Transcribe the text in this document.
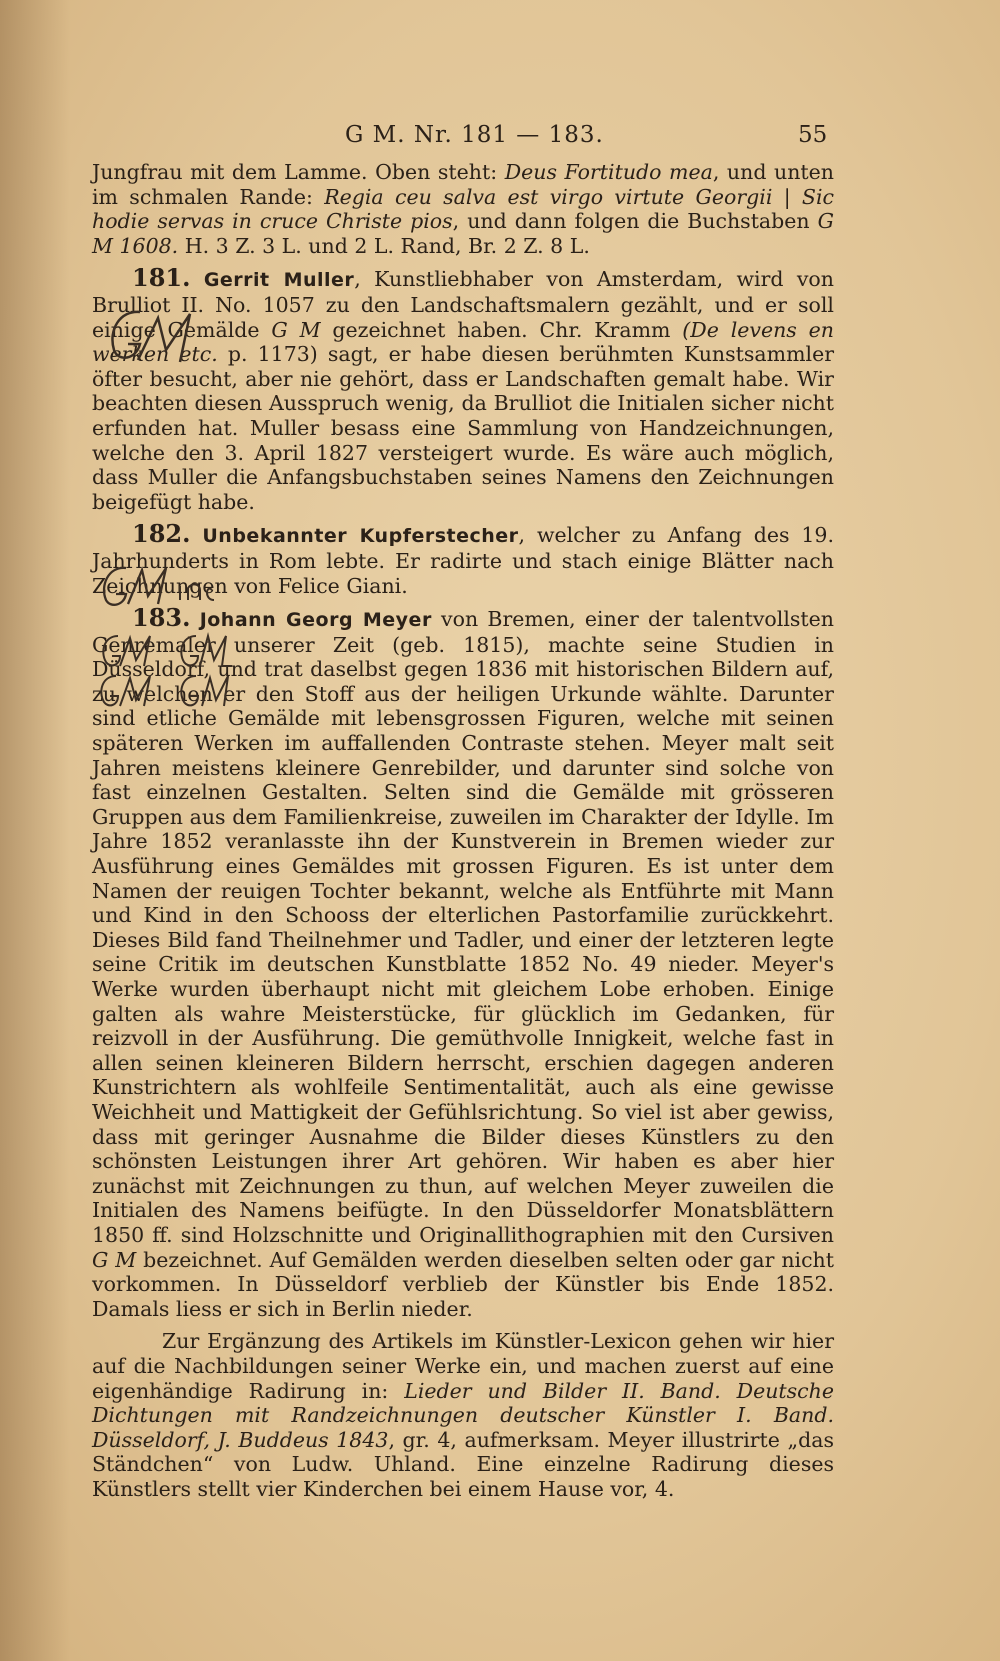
G M. Nr. 181 — 183.	55

Jungfrau mit dem Lamme. Oben steht: Deus Fortitudo mea, und unten im schmalen Rande: Regia ceu salva est virgo virtute Georgii | Sic hodie servas in cruce Christe pios, und dann folgen die Buchstaben G M 1608. H. 3 Z. 3 L. und 2 L. Rand, Br. 2 Z. 8 L.

181. Gerrit Muller, Kunstliebhaber von Amsterdam, wird von Brulliot II. No. 1057 zu den Landschaftsmalern gezählt, und er soll einige Gemälde G M gezeichnet haben. Chr. Kramm (De levens en werken etc. p. 1173) sagt, er habe diesen berühmten Kunstsammler öfter besucht, aber nie gehört, dass er Landschaften gemalt habe. Wir beachten diesen Ausspruch wenig, da Brulliot die Initialen sicher nicht erfunden hat. Muller besass eine Sammlung von Handzeichnungen, welche den 3. April 1827 versteigert wurde. Es wäre auch möglich, dass Muller die Anfangsbuchstaben seines Namens den Zeichnungen beigefügt habe.

182. Unbekannter Kupferstecher, welcher zu Anfang des 19. Jahrhunderts in Rom lebte. Er radirte und stach einige Blätter nach Zeichnungen von Felice Giani.

183. Johann Georg Meyer von Bremen, einer der talentvollsten Genremaler unserer Zeit (geb. 1815), machte seine Studien in Düsseldorf, und trat daselbst gegen 1836 mit historischen Bildern auf, zu welchen er den Stoff aus der heiligen Urkunde wählte. Darunter sind etliche Gemälde mit lebensgrossen Figuren, welche mit seinen späteren Werken im auffallenden Contraste stehen. Meyer malt seit Jahren meistens kleinere Genrebilder, und darunter sind solche von fast einzelnen Gestalten. Selten sind die Gemälde mit grösseren Gruppen aus dem Familienkreise, zuweilen im Charakter der Idylle. Im Jahre 1852 veranlasste ihn der Kunstverein in Bremen wieder zur Ausführung eines Gemäldes mit grossen Figuren. Es ist unter dem Namen der reuigen Tochter bekannt, welche als Entführte mit Mann und Kind in den Schooss der elterlichen Pastorfamilie zurückkehrt. Dieses Bild fand Theilnehmer und Tadler, und einer der letzteren legte seine Critik im deutschen Kunstblatte 1852 No. 49 nieder. Meyer's Werke wurden überhaupt nicht mit gleichem Lobe erhoben. Einige galten als wahre Meisterstücke, für glücklich im Gedanken, für reizvoll in der Ausführung. Die gemüthvolle Innigkeit, welche fast in allen seinen kleineren Bildern herrscht, erschien dagegen anderen Kunstrichtern als wohlfeile Sentimentalität, auch als eine gewisse Weichheit und Mattigkeit der Gefühlsrichtung. So viel ist aber gewiss, dass mit geringer Ausnahme die Bilder dieses Künstlers zu den schönsten Leistungen ihrer Art gehören. Wir haben es aber hier zunächst mit Zeichnungen zu thun, auf welchen Meyer zuweilen die Initialen des Namens beifügte. In den Düsseldorfer Monatsblättern 1850 ff. sind Holzschnitte und Originallithographien mit den Cursiven G M bezeichnet. Auf Gemälden werden dieselben selten oder gar nicht vorkommen. In Düsseldorf verblieb der Künstler bis Ende 1852. Damals liess er sich in Berlin nieder.

Zur Ergänzung des Artikels im Künstler-Lexicon gehen wir hier auf die Nachbildungen seiner Werke ein, und machen zuerst auf eine eigenhändige Radirung in: Lieder und Bilder II. Band. Deutsche Dichtungen mit Randzeichnungen deutscher Künstler I. Band. Düsseldorf, J. Buddeus 1843, gr. 4, aufmerksam. Meyer illustrirte „das Ständchen“ von Ludw. Uhland. Eine einzelne Radirung dieses Künstlers stellt vier Kinderchen bei einem Hause vor, 4.
